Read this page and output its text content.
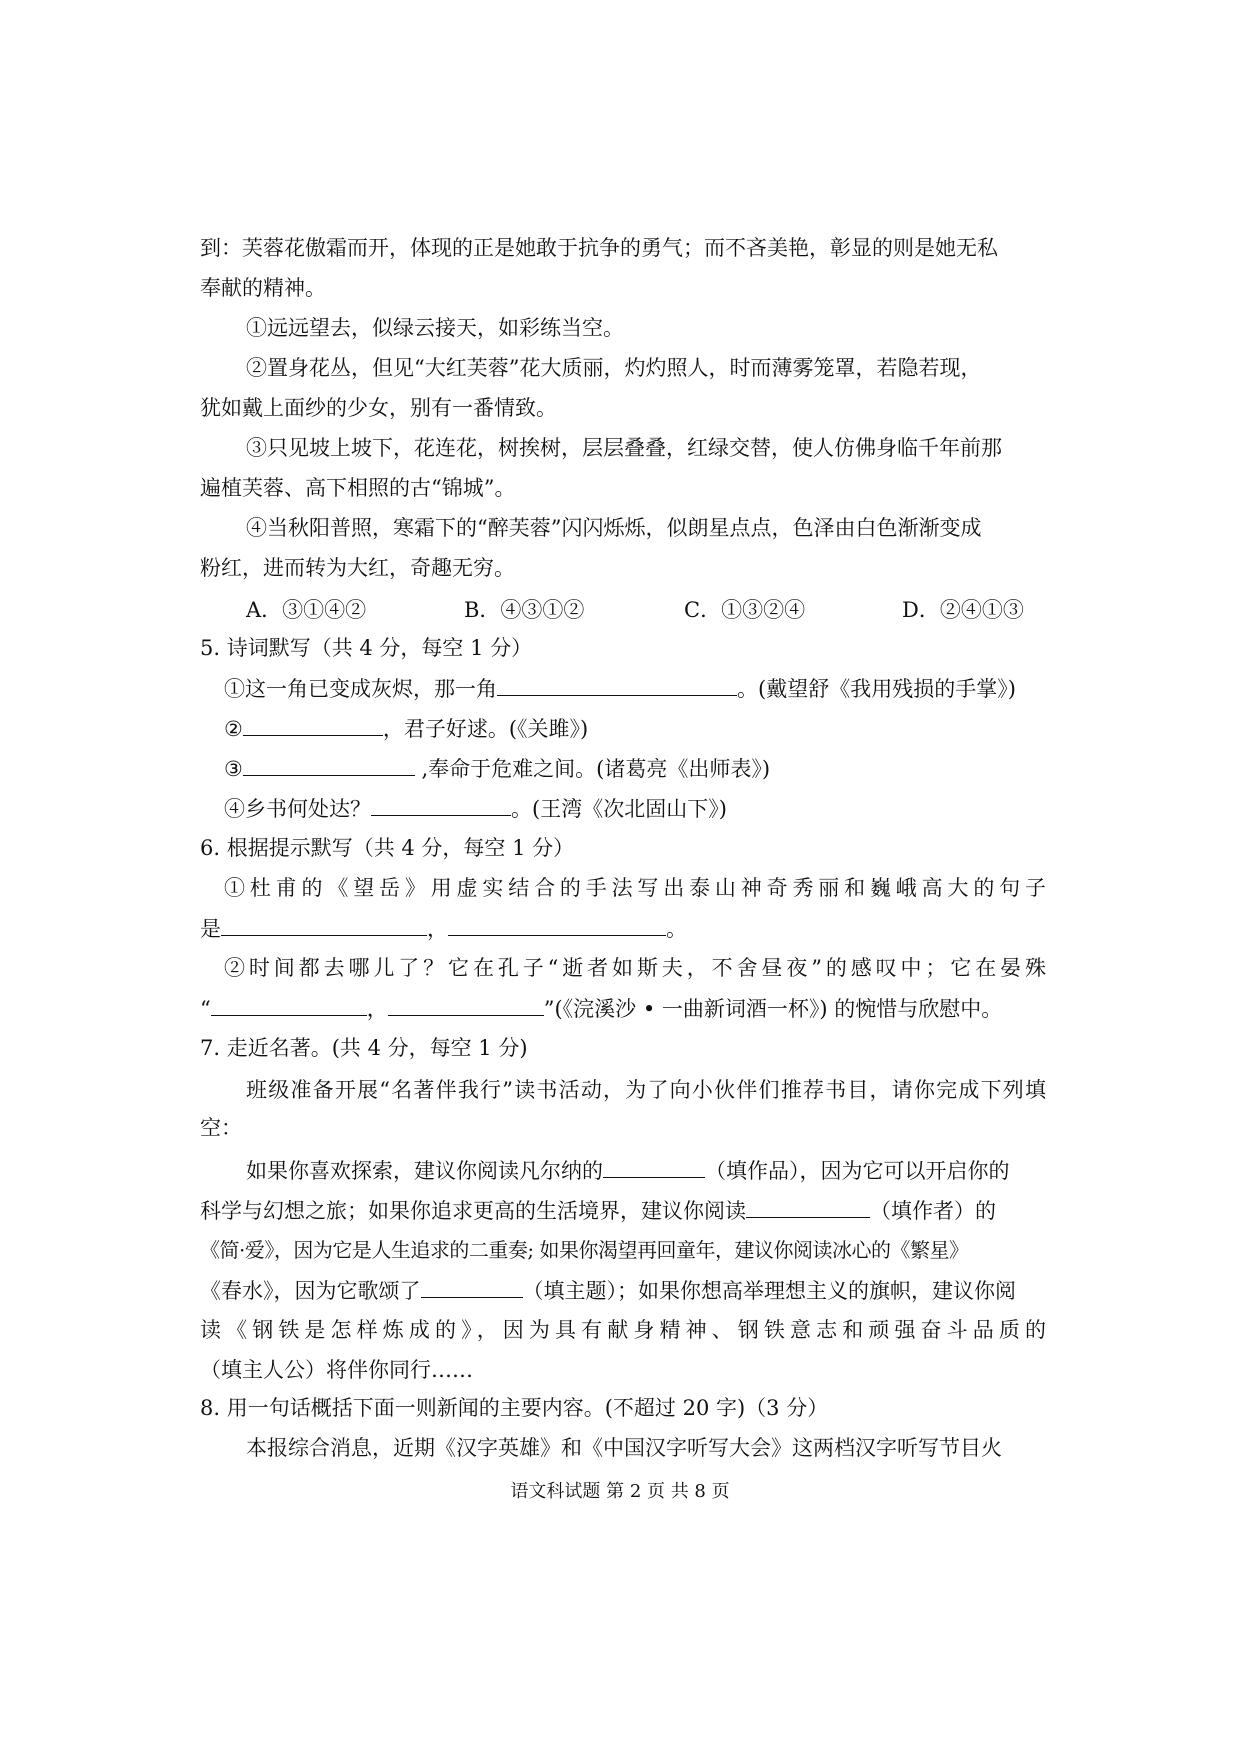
到：芙蓉花傲霜而开，体现的正是她敢于抗争的勇气；而不吝美艳，彰显的则是她无私
奉献的精神。
①远远望去，似绿云接天，如彩练当空。
②置身花丛，但见“大红芙蓉”花大质丽，灼灼照人，时而薄雾笼罩，若隐若现，
犹如戴上面纱的少女，别有一番情致。
③只见坡上坡下，花连花，树挨树，层层叠叠，红绿交替，使人仿佛身临千年前那
遍植芙蓉、高下相照的古“锦城”。
④当秋阳普照，寒霜下的“醉芙蓉”闪闪烁烁，似朗星点点，色泽由白色渐渐变成
粉红，进而转为大红，奇趣无穷。
A．③①④②	B．④③①②	C．①③②④	D．②④①③
5. 诗词默写（共 4 分，每空 1 分）
①这一角已变成灰烬，那一角	。(戴望舒《我用残损的手掌》)
②	，君子好逑。(《关雎》)
③	,奉命于危难之间。(诸葛亮《出师表》)
④乡书何处达？	。(王湾《次北固山下》)
6. 根据提示默写（共 4 分，每空 1 分）
①杜甫的《望岳》用虚实结合的手法写出泰山神奇秀丽和巍峨高大的句子
是	，	。
②时间都去哪儿了？它在孔子“逝者如斯夫，不舍昼夜”的感叹中；它在晏殊
“	，	”(《浣溪沙 • 一曲新词酒一杯》) 的惋惜与欣慰中。
7. 走近名著。(共 4 分，每空 1 分)
班级准备开展“名著伴我行”读书活动，为了向小伙伴们推荐书目，请你完成下列填
空：
如果你喜欢探索，建议你阅读凡尔纳的	（填作品），因为它可以开启你的
科学与幻想之旅；如果你追求更高的生活境界，建议你阅读	（填作者）的
《简·爱》，因为它是人生追求的二重奏; 如果你渴望再回童年，建议你阅读冰心的《繁星》
《春水》，因为它歌颂了	（填主题）；如果你想高举理想主义的旗帜，建议你阅
读《钢铁是怎样炼成的》，因为具有献身精神、钢铁意志和顽强奋斗品质的
（填主人公）将伴你同行……
8. 用一句话概括下面一则新闻的主要内容。(不超过 20 字)（3 分）
本报综合消息，近期《汉字英雄》和《中国汉字听写大会》这两档汉字听写节目火
语文科试题 第 2 页 共 8 页
